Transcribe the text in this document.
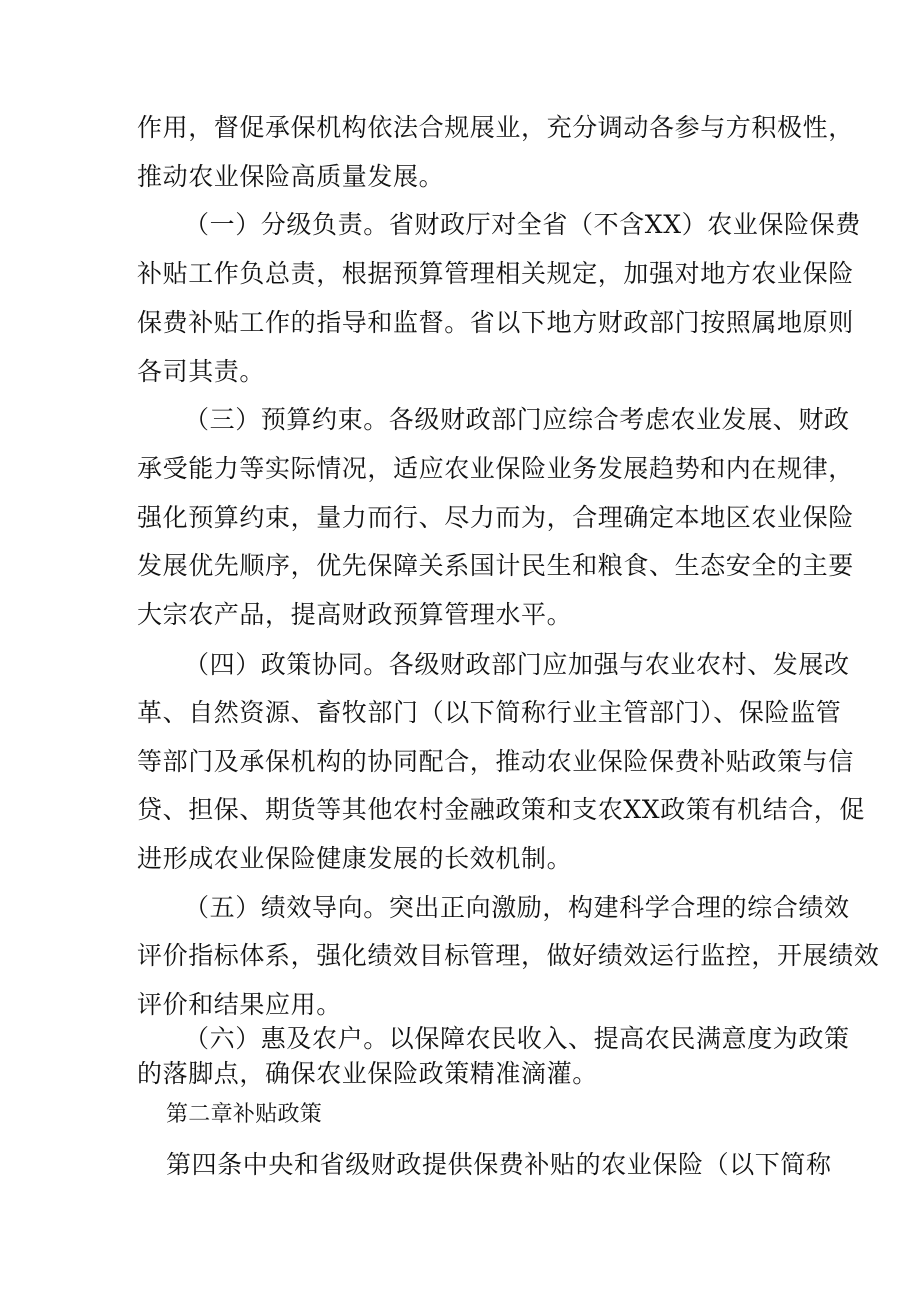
作用，督促承保机构依法合规展业，充分调动各参与方积极性，
推动农业保险高质量发展。
（一）分级负责。省财政厅对全省（不含XX）农业保险保费
补贴工作负总责，根据预算管理相关规定，加强对地方农业保险
保费补贴工作的指导和监督。省以下地方财政部门按照属地原则
各司其责。
（三）预算约束。各级财政部门应综合考虑农业发展、财政
承受能力等实际情况，适应农业保险业务发展趋势和内在规律，
强化预算约束，量力而行、尽力而为，合理确定本地区农业保险
发展优先顺序，优先保障关系国计民生和粮食、生态安全的主要
大宗农产品，提高财政预算管理水平。
（四）政策协同。各级财政部门应加强与农业农村、发展改
革、自然资源、畜牧部门（以下简称行业主管部门）、保险监管
等部门及承保机构的协同配合，推动农业保险保费补贴政策与信
贷、担保、期货等其他农村金融政策和支农XX政策有机结合，促
进形成农业保险健康发展的长效机制。
（五）绩效导向。突出正向激励，构建科学合理的综合绩效
评价指标体系，强化绩效目标管理，做好绩效运行监控，开展绩效
评价和结果应用。
（六）惠及农户。以保障农民收入、提高农民满意度为政策
的落脚点，确保农业保险政策精准滴灌。
第二章补贴政策
第四条中央和省级财政提供保费补贴的农业保险（以下简称
